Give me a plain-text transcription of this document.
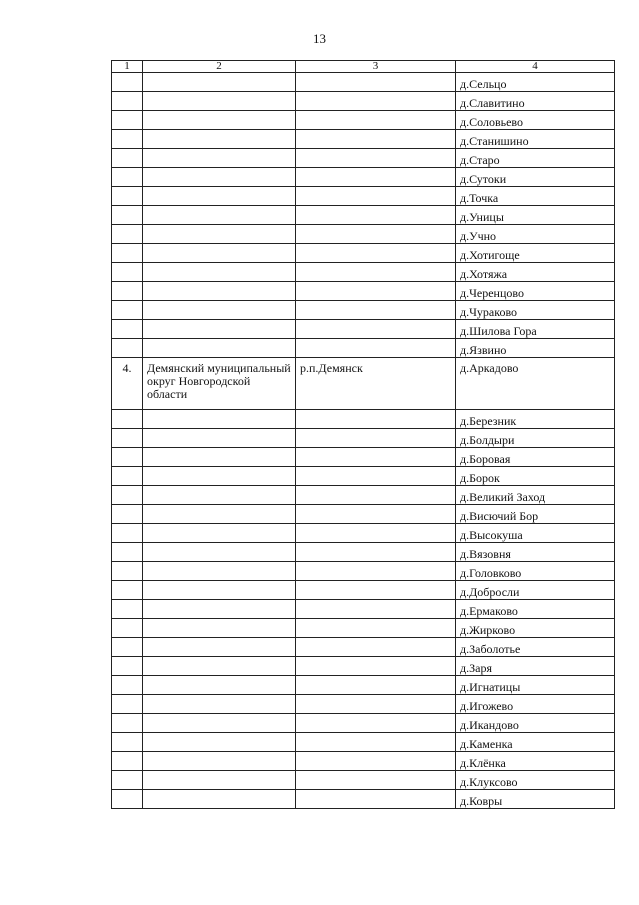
13
1	2	3	4
			д.Сельцо
			д.Славитино
			д.Соловьево
			д.Станишино
			д.Старо
			д.Сутоки
			д.Точка
			д.Уницы
			д.Учно
			д.Хотигоще
			д.Хотяжа
			д.Черенцово
			д.Чураково
			д.Шилова Гора
			д.Язвино
4.	Демянский муниципальный округ Новгородской области	р.п.Демянск	д.Аркадово
			д.Березник
			д.Болдыри
			д.Боровая
			д.Борок
			д.Великий Заход
			д.Висючий Бор
			д.Высокуша
			д.Вязовня
			д.Головково
			д.Добросли
			д.Ермаково
			д.Жирково
			д.Заболотье
			д.Заря
			д.Игнатицы
			д.Игожево
			д.Икандово
			д.Каменка
			д.Клёнка
			д.Клуксово
			д.Ковры
